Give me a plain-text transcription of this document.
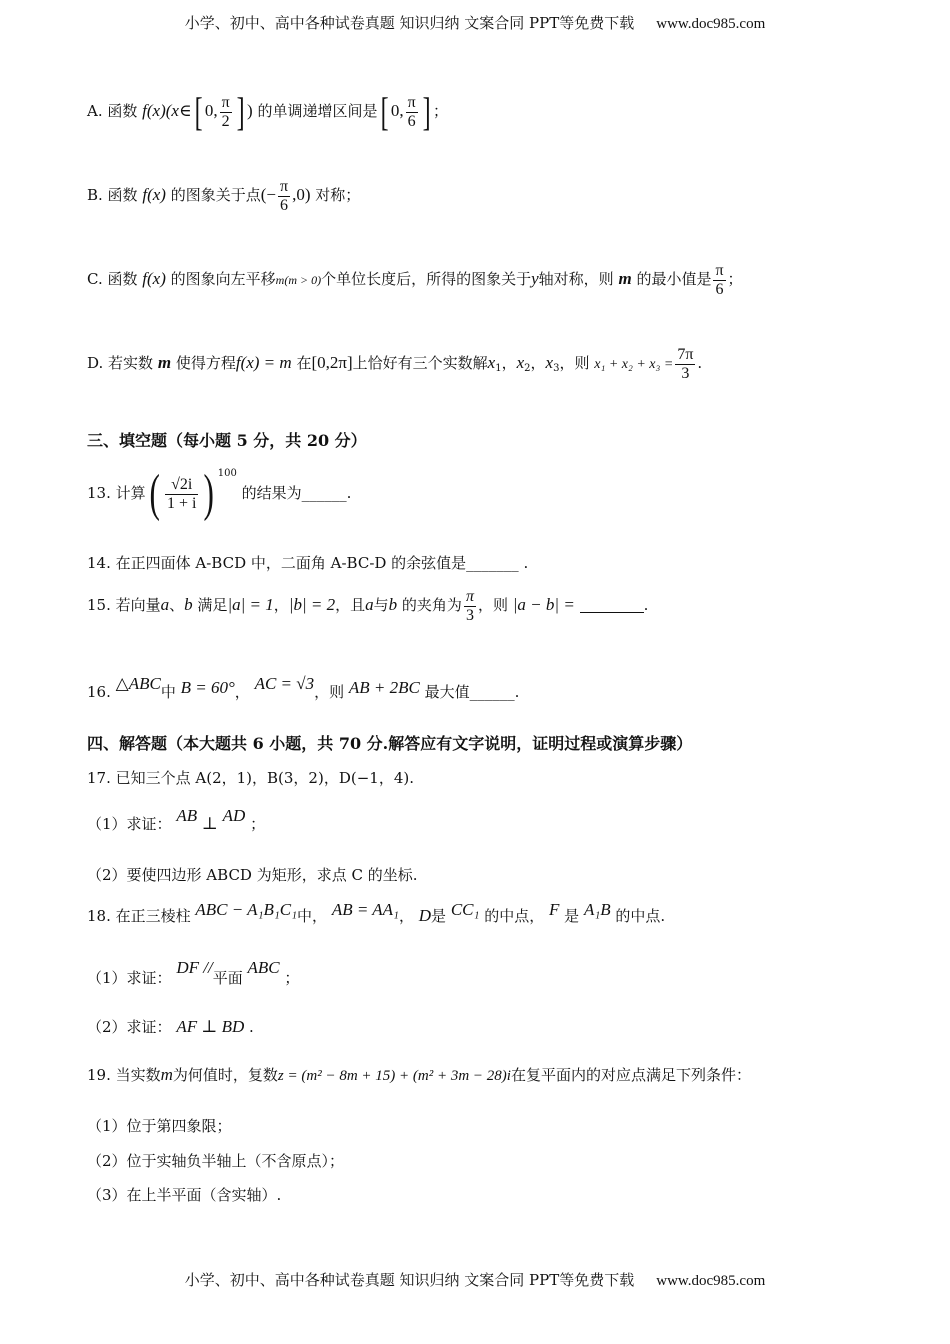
小学、初中、高中各种试卷真题 知识归纳 文案合同 PPT等免费下载 www.doc985.com
A. 函数 f(x)(x∈[ 0, $\frac{\pi}{2}$ ] ) 的单调递增区间是[ 0, $\frac{\pi}{6}$ ] ；
B. 函数 f(x) 的图象关于点(− $\frac{\pi}{6} ,0$) 对称；
C. 函数 f(x) 的图象向左平移m(m > 0)个单位长度后，所得的图象关于y轴对称，则 m 的最小值是 $\frac{\pi}{6}$ ；
D. 若实数 m 使得方程f(x) = m 在[0,2π]上恰好有三个实数解$x_1$，$x_2$，$x_3$，则 $x_1 + x_2 + x_3 = \frac{7\pi}{3}$ .
三、填空题（每小题 5 分，共 20 分）
13. 计算( $\frac{√2i}{1 + i}$ ) $^{100}$ 的结果为______.
14. 在正四面体 A-BCD 中，二面角 A-BC-D 的余弦值是_______ .
15. 若向量a、b 满足|a| = 1，|b| = 2，且a与b 的夹角为 $\frac{\pi}{3}$ ，则 |a − b| =	.
16. △ABC中 B = 60°， AC = √3，则 AB + 2BC 最大值______.
四、解答题（本大题共 6 小题，共 70 分.解答应有文字说明，证明过程或演算步骤）
17. 已知三个点 A(2，1)，B(3，2)，D(−1，4).
（1）求证： AB ⊥ AD ；
（2）要使四边形 ABCD 为矩形，求点 C 的坐标.
18. 在正三棱柱 ABC − A₁B₁C₁中， AB = AA₁， D是 CC₁ 的中点， F 是 A₁B 的中点.
（1）求证： DF //平面 ABC ；
（2）求证： AF ⊥ BD .
19. 当实数m为何值时，复数z = (m² − 8m + 15) + (m² + 3m − 28)i在复平面内的对应点满足下列条件：
（1）位于第四象限；
（2）位于实轴负半轴上（不含原点）；
（3）在上半平面（含实轴）.
小学、初中、高中各种试卷真题 知识归纳 文案合同 PPT等免费下载 www.doc985.com
